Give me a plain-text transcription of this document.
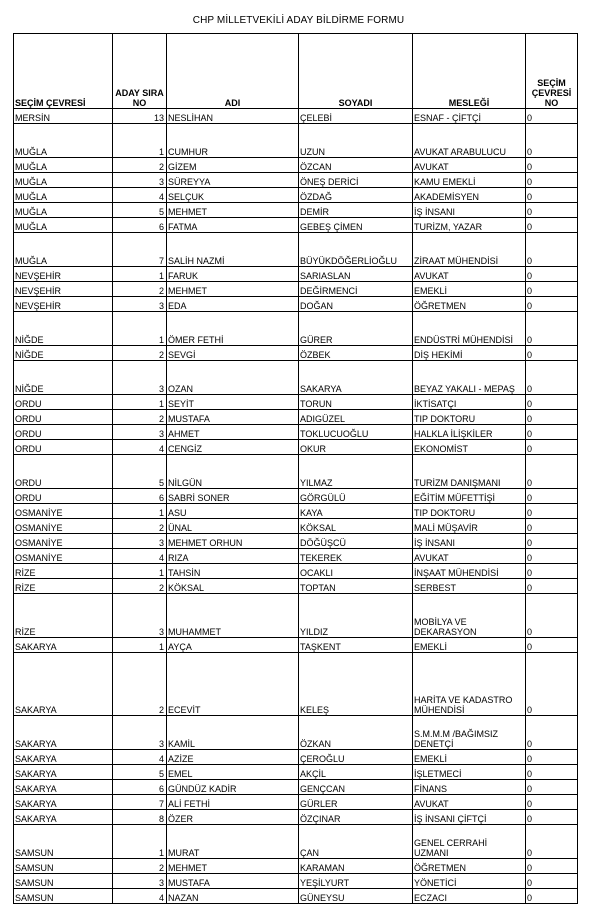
CHP MİLLETVEKİLİ ADAY BİLDİRME FORMU
SEÇİM ÇEVRESİ	ADAY SIRA NO	ADI	SOYADI	MESLEĞİ	SEÇİM ÇEVRESİ NO
MERSİN	13	NESLİHAN	ÇELEBİ	ESNAF - ÇİFTÇİ	0
MUĞLA	1	CUMHUR	UZUN	AVUKAT ARABULUCU	0
MUĞLA	2	GİZEM	ÖZCAN	AVUKAT	0
MUĞLA	3	SÜREYYA	ÖNEŞ DERİCİ	KAMU EMEKLİ	0
MUĞLA	4	SELÇUK	ÖZDAĞ	AKADEMİSYEN	0
MUĞLA	5	MEHMET	DEMİR	İŞ İNSANI	0
MUĞLA	6	FATMA	GEBEŞ ÇİMEN	TURİZM, YAZAR	0
MUĞLA	7	SALİH NAZMİ	BÜYÜKDÖĞERLİOĞLU	ZİRAAT MÜHENDİSİ	0
NEVŞEHİR	1	FARUK	SARIASLAN	AVUKAT	0
NEVŞEHİR	2	MEHMET	DEĞİRMENCİ	EMEKLİ	0
NEVŞEHİR	3	EDA	DOĞAN	ÖĞRETMEN	0
NİĞDE	1	ÖMER FETHİ	GÜRER	ENDÜSTRİ MÜHENDİSİ	0
NİĞDE	2	SEVGİ	ÖZBEK	DİŞ HEKİMİ	0
NİĞDE	3	OZAN	SAKARYA	BEYAZ YAKALI - MEPAŞ	0
ORDU	1	SEYİT	TORUN	İKTİSATÇI	0
ORDU	2	MUSTAFA	ADIGÜZEL	TIP DOKTORU	0
ORDU	3	AHMET	TOKLUCUOĞLU	HALKLA İLİŞKİLER	0
ORDU	4	CENGİZ	OKUR	EKONOMİST	0
ORDU	5	NİLGÜN	YILMAZ	TURİZM DANIŞMANI	0
ORDU	6	SABRİ SONER	GÖRGÜLÜ	EĞİTİM MÜFETTİŞİ	0
OSMANİYE	1	ASU	KAYA	TIP DOKTORU	0
OSMANİYE	2	ÜNAL	KÖKSAL	MALİ MÜŞAVİR	0
OSMANİYE	3	MEHMET ORHUN	DÖĞÜŞCÜ	İŞ İNSANI	0
OSMANİYE	4	RIZA	TEKEREK	AVUKAT	0
RİZE	1	TAHSİN	OCAKLI	İNŞAAT MÜHENDİSİ	0
RİZE	2	KÖKSAL	TOPTAN	SERBEST	0
RİZE	3	MUHAMMET	YILDIZ	MOBİLYA VE DEKARASYON	0
SAKARYA	1	AYÇA	TAŞKENT	EMEKLİ	0
SAKARYA	2	ECEVİT	KELEŞ	HARİTA VE KADASTRO MÜHENDİSİ	0
SAKARYA	3	KAMİL	ÖZKAN	S.M.M.M /BAĞIMSIZ DENETÇİ	0
SAKARYA	4	AZİZE	ÇEROĞLU	EMEKLİ	0
SAKARYA	5	EMEL	AKÇİL	İŞLETMECİ	0
SAKARYA	6	GÜNDÜZ KADİR	GENÇCAN	FİNANS	0
SAKARYA	7	ALİ FETHİ	GÜRLER	AVUKAT	0
SAKARYA	8	ÖZER	ÖZÇINAR	İŞ İNSANI ÇİFTÇİ	0
SAMSUN	1	MURAT	ÇAN	GENEL CERRAHİ UZMANI	0
SAMSUN	2	MEHMET	KARAMAN	ÖĞRETMEN	0
SAMSUN	3	MUSTAFA	YEŞİLYURT	YÖNETİCİ	0
SAMSUN	4	NAZAN	GÜNEYSU	ECZACI	0
